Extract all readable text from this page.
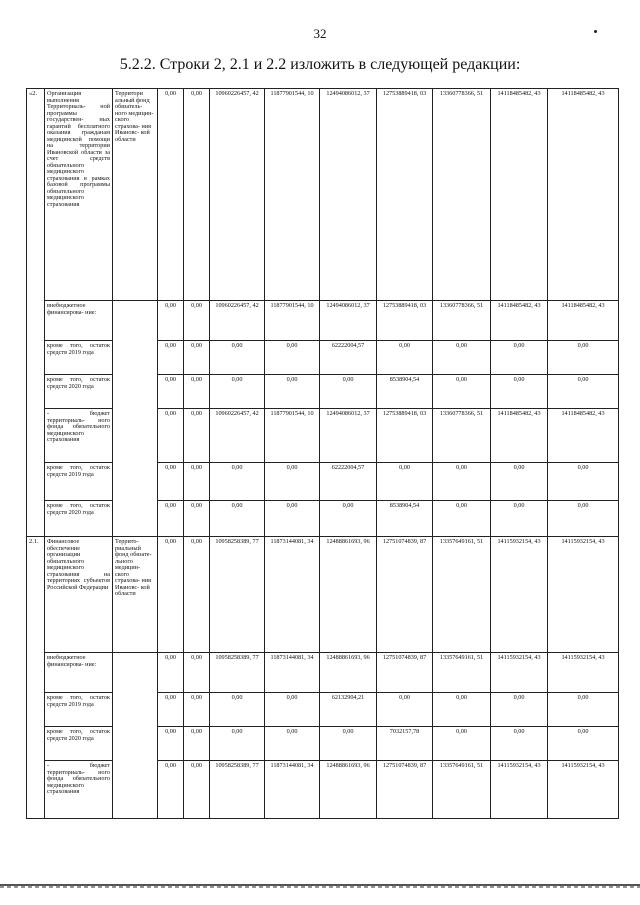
32
5.2.2. Строки 2, 2.1 и 2.2 изложить в следующей редакции:
«2.	Организация выполнения Территориаль- ной программы государствен- ных гарантий бесплатного оказания гражданам медицинской помощи на территории Ивановской области за счет средств обязательного медицинского страхования в рамках базовой программы обязательного медицинского страхования	Территори альный фонд обязатель- ного медицин- ского страхова- ния Ивановс- кой области	0,00	0,00	10960226457, 42	11877901544, 10	12494086012, 37	12753889418, 03	13360778366, 51	14118485482, 43	14118485482, 43
	внебюджетное финансирова- ние:		0,00	0,00	10960226457, 42	11877901544, 10	12494086012, 37	12753889418, 03	13360778366, 51	14118485482, 43	14118485482, 43
	кроме того, остаток средств 2019 года		0,00	0,00	0,00	0,00	62222004,57	0,00	0,00	0,00	0,00
	кроме того, остаток средств 2020 года		0,00	0,00	0,00	0,00	0,00	8538904,54	0,00	0,00	0,00
	- бюджет территориаль- ного фонда обязательного медицинского страхования		0,00	0,00	10960226457, 42	11877901544, 10	12494086012, 37	12753889418, 03	13360778366, 51	14118485482, 43	14118485482, 43
	кроме того, остаток средств 2019 года		0,00	0,00	0,00	0,00	62222004,57	0,00	0,00	0,00	0,00
	кроме того, остаток средств 2020 года		0,00	0,00	0,00	0,00	0,00	8538904,54	0,00	0,00	0,00
2.1.	Финансовое обеспечение организации обязательного медицинского страхования на территориях субъектов Российской Федерации	Террито- риальный фонд обязате- льного медицин- ского страхова- ния Ивановс- кой области	0,00	0,00	10958258389, 77	11873144081, 34	12488861693, 96	12751074839, 87	13357649161, 51	14115932154, 43	14115932154, 43
	внебюджетное финансирова- ние:		0,00	0,00	10958258389, 77	11873144081, 34	12488861693, 96	12751074839, 87	13357649161, 51	14115932154, 43	14115932154, 43
	кроме того, остаток средств 2019 года		0,00	0,00	0,00	0,00	62132904,21	0,00	0,00	0,00	0,00
	кроме того, остаток средств 2020 года		0,00	0,00	0,00	0,00	0,00	7032157,78	0,00	0,00	0,00
	- бюджет территориаль- ного фонда обязательного медицинского страхования		0,00	0,00	10958258389, 77	11873144081, 34	12488861693, 96	12751074839, 87	13357649161, 51	14115932154, 43	14115932154, 43
